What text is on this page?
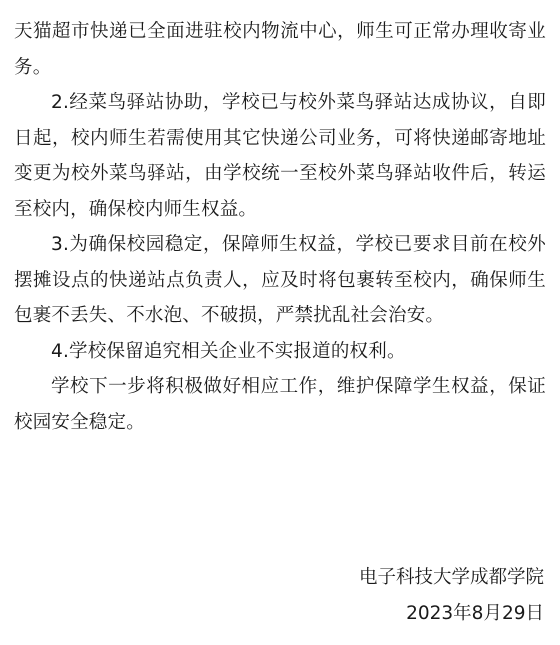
天猫超市快递已全面进驻校内物流中心，师生可正常办理收寄业务。

2.经菜鸟驿站协助，学校已与校外菜鸟驿站达成协议，自即日起，校内师生若需使用其它快递公司业务，可将快递邮寄地址变更为校外菜鸟驿站，由学校统一至校外菜鸟驿站收件后，转运至校内，确保校内师生权益。

3.为确保校园稳定，保障师生权益，学校已要求目前在校外摆摊设点的快递站点负责人，应及时将包裹转至校内，确保师生包裹不丢失、不水泡、不破损，严禁扰乱社会治安。

4.学校保留追究相关企业不实报道的权利。

学校下一步将积极做好相应工作，维护保障学生权益，保证校园安全稳定。

电子科技大学成都学院
2023年8月29日
